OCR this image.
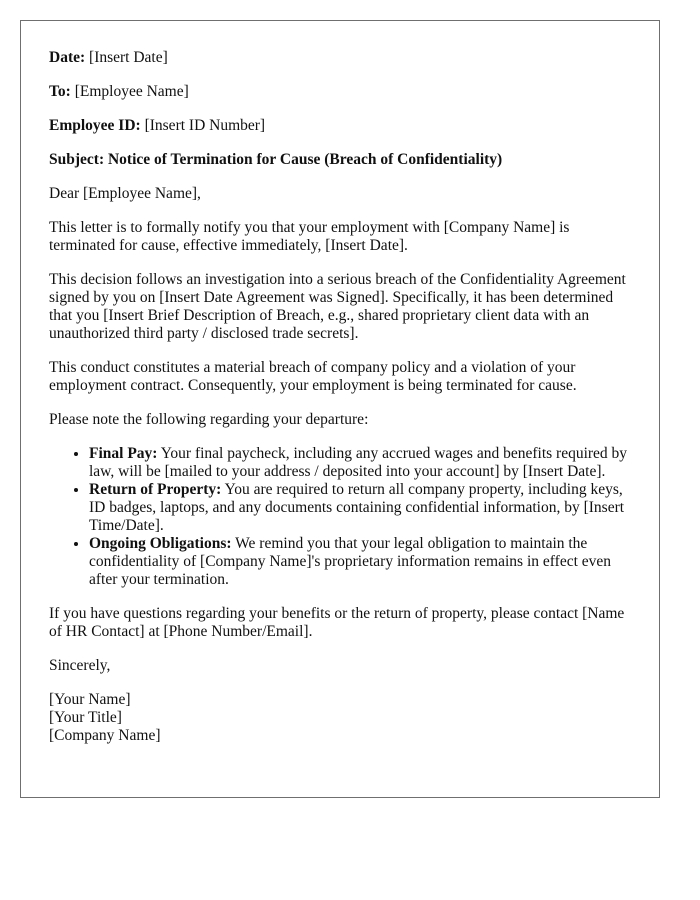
Date: [Insert Date]

To: [Employee Name]

Employee ID: [Insert ID Number]

Subject: Notice of Termination for Cause (Breach of Confidentiality)

Dear [Employee Name],

This letter is to formally notify you that your employment with [Company Name] is terminated for cause, effective immediately, [Insert Date].

This decision follows an investigation into a serious breach of the Confidentiality Agreement signed by you on [Insert Date Agreement was Signed]. Specifically, it has been determined that you [Insert Brief Description of Breach, e.g., shared proprietary client data with an unauthorized third party / disclosed trade secrets].

This conduct constitutes a material breach of company policy and a violation of your employment contract. Consequently, your employment is being terminated for cause.

Please note the following regarding your departure:

• Final Pay: Your final paycheck, including any accrued wages and benefits required by law, will be [mailed to your address / deposited into your account] by [Insert Date].
• Return of Property: You are required to return all company property, including keys, ID badges, laptops, and any documents containing confidential information, by [Insert Time/Date].
• Ongoing Obligations: We remind you that your legal obligation to maintain the confidentiality of [Company Name]'s proprietary information remains in effect even after your termination.

If you have questions regarding your benefits or the return of property, please contact [Name of HR Contact] at [Phone Number/Email].

Sincerely,

[Your Name]
[Your Title]
[Company Name]
